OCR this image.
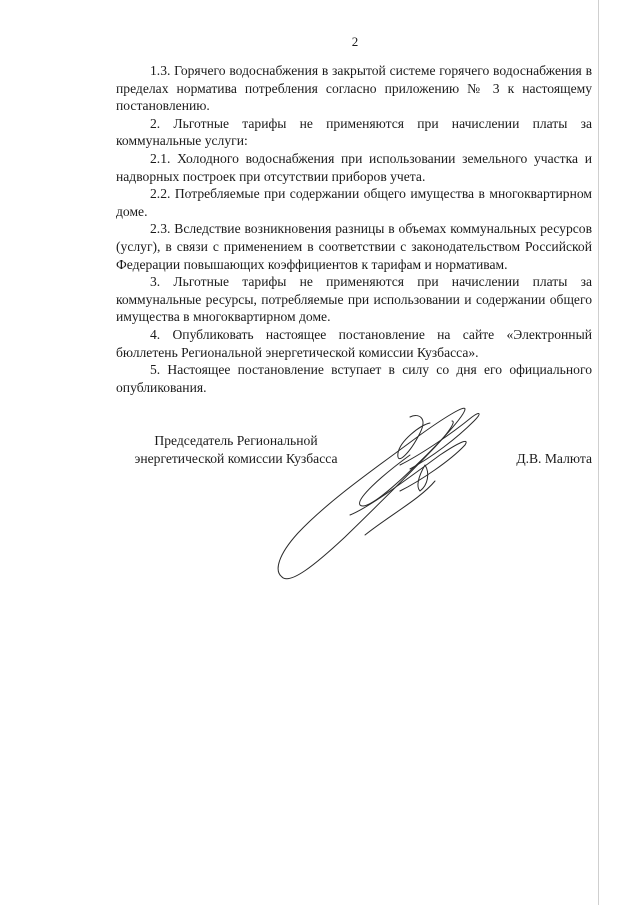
2

1.3. Горячего водоснабжения в закрытой системе горячего водоснабжения в пределах норматива потребления согласно приложению № 3 к настоящему постановлению.

2. Льготные тарифы не применяются при начислении платы за коммунальные услуги:

2.1. Холодного водоснабжения при использовании земельного участка и надворных построек при отсутствии приборов учета.

2.2. Потребляемые при содержании общего имущества в многоквартирном доме.

2.3. Вследствие возникновения разницы в объемах коммунальных ресурсов (услуг), в связи с применением в соответствии с законодательством Российской Федерации повышающих коэффициентов к тарифам и нормативам.

3. Льготные тарифы не применяются при начислении платы за коммунальные ресурсы, потребляемые при использовании и содержании общего имущества в многоквартирном доме.

4. Опубликовать настоящее постановление на сайте «Электронный бюллетень Региональной энергетической комиссии Кузбасса».

5. Настоящее постановление вступает в силу со дня его официального опубликования.

Председатель Региональной
энергетической комиссии Кузбасса	Д.В. Малюта
